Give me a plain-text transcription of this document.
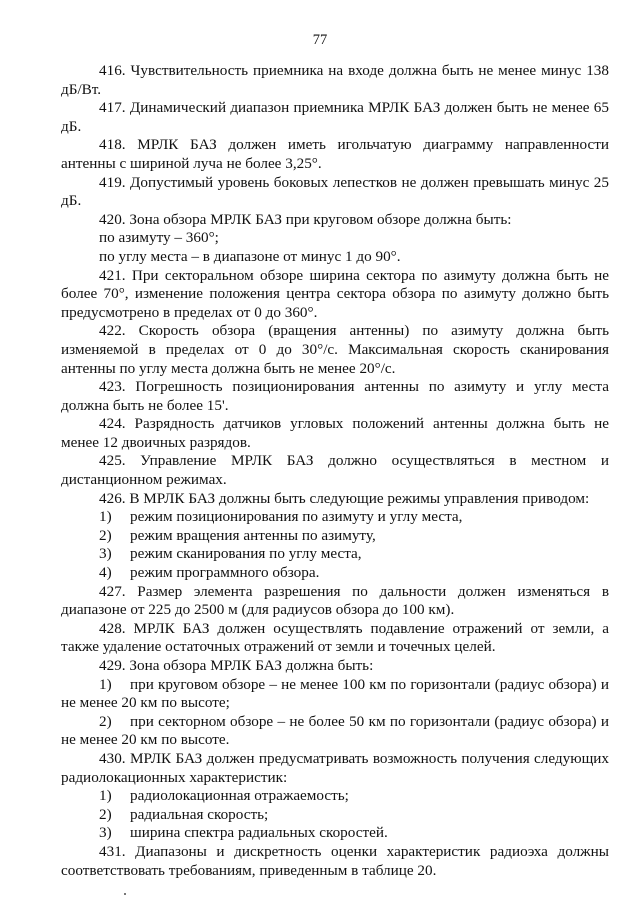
77

416. Чувствительность приемника на входе должна быть не менее минус 138 дБ/Вт.

417. Динамический диапазон приемника МРЛК БАЗ должен быть не менее 65 дБ.

418. МРЛК БАЗ должен иметь игольчатую диаграмму направленности антенны с шириной луча не более 3,25°.

419. Допустимый уровень боковых лепестков не должен превышать минус 25 дБ.

420. Зона обзора МРЛК БАЗ при круговом обзоре должна быть:

по азимуту – 360°;

по углу места – в диапазоне от минус 1 до 90°.

421. При секторальном обзоре ширина сектора по азимуту должна быть не более 70°, изменение положения центра сектора обзора по азимуту должно быть предусмотрено в пределах от 0 до 360°.

422. Скорость обзора (вращения антенны) по азимуту должна быть изменяемой в пределах от 0 до 30°/с. Максимальная скорость сканирования антенны по углу места должна быть не менее 20°/с.

423. Погрешность позиционирования антенны по азимуту и углу места должна быть не более 15'.

424. Разрядность датчиков угловых положений антенны должна быть не менее 12 двоичных разрядов.

425. Управление МРЛК БАЗ должно осуществляться в местном и дистанционном режимах.

426. В МРЛК БАЗ должны быть следующие режимы управления приводом:

1) режим позиционирования по азимуту и углу места,

2) режим вращения антенны по азимуту,

3) режим сканирования по углу места,

4) режим программного обзора.

427. Размер элемента разрешения по дальности должен изменяться в диапазоне от 225 до 2500 м (для радиусов обзора до 100 км).

428. МРЛК БАЗ должен осуществлять подавление отражений от земли, а также удаление остаточных отражений от земли и точечных целей.

429. Зона обзора МРЛК БАЗ должна быть:

1) при круговом обзоре – не менее 100 км по горизонтали (радиус обзора) и не менее 20 км по высоте;

2) при секторном обзоре – не более 50 км по горизонтали (радиус обзора) и не менее 20 км по высоте.

430. МРЛК БАЗ должен предусматривать возможность получения следующих радиолокационных характеристик:

1) радиолокационная отражаемость;

2) радиальная скорость;

3) ширина спектра радиальных скоростей.

431. Диапазоны и дискретность оценки характеристик радиоэха должны соответствовать требованиям, приведенным в таблице 20.
